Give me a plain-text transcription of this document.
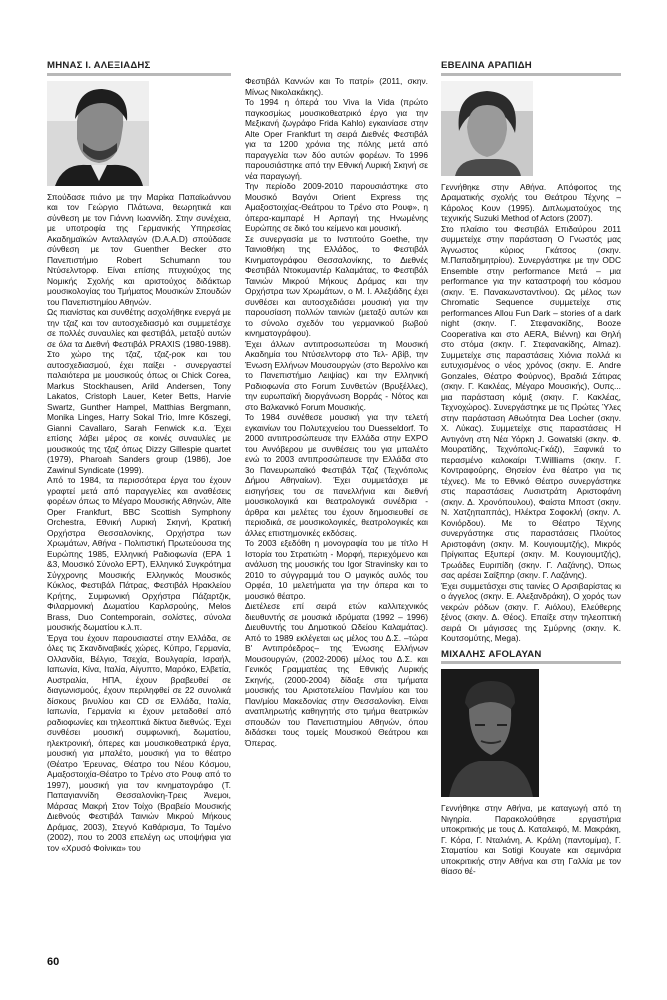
ΜΗΝΑΣ Ι. ΑΛΕΞΙΑΔΗΣ

Σπούδασε πιάνο με την Μαρίκα Παπαϊωάννου και τον Γεώργιο Πλάτωνα, θεωρητικά και σύνθεση με τον Γιάννη Ιωαννίδη. Στην συνέχεια, με υποτροφία της Γερμανικής Υπηρεσίας Ακαδημαϊκών Ανταλλαγών (D.A.A.D) σπούδασε σύνθεση με τον Guenther Becker στο Πανεπιστήμιο Robert Schumann του Ντύσελντορφ. Είναι επίσης πτυχιούχος της Νομικής Σχολής και αριστούχος διδάκτωρ μουσικολογίας του Τμήματος Μουσικών Σπουδών του Πανεπιστημίου Αθηνών.

Ως πιανίστας και συνθέτης ασχολήθηκε ενεργά με την τζαζ και τον αυτοσχεδιασμό και συμμετέσχε σε πολλές συναυλίες και φεστιβάλ, μεταξύ αυτών σε όλα τα Διεθνή Φεστιβάλ PRAXIS (1980-1988). Στο χώρο της τζαζ, τζαζ-ροκ και του αυτοσχεδιασμού, έχει παίξει - συνεργαστεί παλαιότερα με μουσικούς όπως οι Chick Corea, Markus Stockhausen, Arild Andersen, Tony Lakatos, Cristoph Lauer, Keter Betts, Harvie Swartz, Gunther Hampel, Matthias Bergmann, Monika Linges, Harry Sokal Trio, Imre Kőszegi, Gianni Cavallaro, Sarah Fenwick κ.α. Έχει επίσης λάβει μέρος σε κοινές συναυλίες με μουσικούς της τζαζ όπως Dizzy Gillespie quartet (1979), Pharoah Sanders group (1986), Joe Zawinul Syndicate (1999).

Από το 1984, τα περισσότερα έργα του έχουν γραφτεί μετά από παραγγελίες και αναθέσεις φορέων όπως το Μέγαρο Μουσικής Αθηνών, Alte Oper Frankfurt, BBC Scottish Symphony Orchestra, Εθνική Λυρική Σκηνή, Κρατική Ορχήστρα Θεσσαλονίκης, Ορχήστρα των Χρωμάτων, Αθήνα - Πολιτιστική Πρωτεύουσα της Ευρώπης 1985, Ελληνική Ραδιοφωνία (ΕΡΑ 1 &3, Μουσικό Σύνολο ΕΡΤ), Ελληνικό Συγκρότημα Σύγχρονης Μουσικής Ελληνικός Μουσικός Κύκλος, Φεστιβάλ Πάτρας, Φεστιβάλ Ηρακλείου Κρήτης, Συμφωνική Ορχήστρα Πάζαρτζικ, Φιλαρμονική Δωματίου Καρλσρούης, Melos Brass, Duo Contemporain, σολίστες, σύνολα μουσικής δωματίου κ.λ.π.

Έργα του έχουν παρουσιαστεί στην Ελλάδα, σε όλες τις Σκανδιναβικές χώρες, Κύπρο, Γερμανία, Ολλανδία, Βέλγιο, Τσεχία, Βουλγαρία, Ισραήλ, Ιαπωνία, Κίνα, Ιταλία, Αίγυπτο, Μαρόκο, Ελβετία, Αυστραλία, ΗΠΑ, έχουν βραβευθεί σε διαγωνισμούς, έχουν περιληφθεί σε 22 συνολικά δίσκους βινυλίου και CD σε Ελλάδα, Ιταλία, Ιαπωνία, Γερμανία κι έχουν μεταδοθεί από ραδιοφωνίες και τηλεοπτικά δίκτυα διεθνώς. Έχει συνθέσει μουσική συμφωνική, δωματίου, ηλεκτρονική, όπερες και μουσικοθεατρικά έργα, μουσική για μπαλέτο, μουσική για το θέατρο (Θέατρο Έρευνας, Θέατρο του Νέου Κόσμου, Αμαξοστοιχία-Θέατρο το Τρένο στο Ρουφ από το 1997), μουσική για τον κινηματογράφο (Τ. Παπαγιαννίδη Θεσσαλονίκη-Τρεις Άνεμοι, Μάρσας Μακρή Στον Τοίχο (Βραβείο Μουσικής Διεθνούς Φεστιβάλ Ταινιών Μικρού Μήκους Δράμας, 2003), Στεγνό Καθάρισμα, Το Ταμένο (2002), που το 2003 επελέγη ως υποψήφια για τον «Χρυσό Φοίνικα» του

Φεστιβάλ Καννών και Το πατρί» (2011, σκην. Μίνως Νικολακάκης).

Το 1994 η όπερά του Viva la Vida (πρώτο παγκοσμίως μουσικοθεατρικό έργο για την Μεξικανή ζωγράφο Frida Kahlo) εγκαινίασε στην Alte Oper Frankfurt τη σειρά Διεθνές Φεστιβάλ για τα 1200 χρόνια της πόλης μετά από παραγγελία των δύο αυτών φορέων. Το 1996 παρουσιάστηκε από την Εθνική Λυρική Σκηνή σε νέα παραγωγή.

Την περίοδο 2009-2010 παρουσιάστηκε στο Μουσικό Βαγόνι Orient Express της Αμαξοστοιχίας-Θεάτρου το Τρένο στο Ρουφ», η όπερα-καμπαρέ Η Αρπαγή της Ηνωμένης Ευρώπης σε δικό του κείμενο και μουσική.

Σε συνεργασία με το Ινστιτούτο Goethe, την Ταινιοθήκη της Ελλάδος, το Φεστιβάλ Κινηματογράφου Θεσσαλονίκης, το Διεθνές Φεστιβάλ Ντοκυμαντέρ Καλαμάτας, το Φεστιβάλ Ταινιών Μικρού Μήκους Δράμας και την Ορχήστρα των Χρωμάτων, ο Μ. Ι. Αλεξιάδης έχει συνθέσει και αυτοσχεδιάσει μουσική για την παρουσίαση πολλών ταινιών (μεταξύ αυτών και το σύνολο σχεδόν του γερμανικού βωβού κινηματογράφου).

Έχει άλλων αντιπροσωπεύσει τη Μουσική Ακαδημία του Ντύσελντορφ στο Τελ- Αβίβ, την Ένωση Ελλήνων Μουσουργών (στο Βερολίνο και το Πανεπιστήμιο Λειψίας) και την Ελληνική Ραδιοφωνία στο Forum Συνθετών (Βρυξέλλες), την ευρωπαϊκή διοργάνωση Βορράς - Νότος και στο Βαλκανικό Forum Μουσικής.

Το 1984 συνέθεσε μουσική για την τελετή εγκαινίων του Πολυτεχνείου του Duesseldorf. Το 2000 αντιπροσώπευσε την Ελλάδα στην EXPO του Αννόβερου με συνθέσεις του για μπαλέτο ενώ το 2003 αντιπροσώπευσε την Ελλάδα στο 3ο Πανευρωπαϊκό Φεστιβάλ Τζαζ (Τεχνόπολις Δήμου Αθηναίων). Έχει συμμετάσχει με εισηγήσεις του σε πανελλήνια και διεθνή μουσικολογικά και θεατρολογικά συνέδρια - άρθρα και μελέτες του έχουν δημοσιευθεί σε περιοδικά, σε μουσικολογικές, θεατρολογικές και άλλες επιστημονικές εκδόσεις.

Το 2003 εξεδόθη η μονογραφία του με τίτλο Η Ιστορία του Στρατιώτη - Μορφή, περιεχόμενο και ανάλυση της μουσικής του Igor Stravinsky και το 2010 το σύγγραμμά του Ο μαγικός αυλός του Ορφέα, 10 μελετήματα για την όπερα και το μουσικό θέατρο.

Διετέλεσε επί σειρά ετών καλλιτεχνικός διευθυντής σε μουσικά ιδρύματα (1992 – 1996) Διευθυντής του Δημοτικού Ωδείου Καλαμάτας). Από το 1989 εκλέγεται ως μέλος του Δ.Σ. –τώρα Β' Αντιπρόεδρος– της Ένωσης Ελλήνων Μουσουργών, (2002-2006) μέλος του Δ.Σ. και Γενικός Γραμματέας της Εθνικής Λυρικής Σκηνής, (2000-2004) δίδαξε στα τμήματα μουσικής του Αριστοτελείου Παν/μίου και του Παν/μίου Μακεδονίας στην Θεσσαλονίκη. Είναι αναπληρωτής καθηγητής στο τμήμα θεατρικών σπουδών του Πανεπιστημίου Αθηνών, όπου διδάσκει τους τομείς Μουσικού Θεάτρου και Όπερας.

ΕΒΕΛΙΝΑ ΑΡΑΠΙΔΗ

Γεννήθηκε στην Αθήνα. Απόφοιτος της Δραματικής σχολής του Θεάτρου Τέχνης – Κάρολος Κουν (1995). Διπλωματούχος της τεχνικής Suzuki Method of Actors (2007).

Στο πλαίσιο του Φεστιβάλ Επιδαύρου 2011 συμμετείχε στην παράσταση Ο Γνωστός μας Άγνωστος κύριος Γκάτσος (σκην. Μ.Παπαδημητρίου). Συνεργάστηκε με την ODC Ensemble στην performance Μετά – μια performance για την καταστροφή του κόσμου (σκην. Έ. Πανακωνσταντίνου). Ως μέλος των Chromatic Sequence συμμετείχε στις performances Allou Fun Dark – stories of a dark night (σκην. Γ. Στεφανακίδης, Booze Cooperativa και στο AERA, Βιέννη) και Θηλή στο στόμα (σκην. Γ. Στεφανακίδης, Almaz). Συμμετείχε στις παραστάσεις Χιόνια πολλά κι ευτυχισμένος ο νέος χρόνος (σκην. Ε. Andre Gonzales, Θέατρο Φούρνος), Βραδιά Σάτιρας (σκην. Γ. Κακλέας, Μέγαρο Μουσικής), Ουπς... μια παράσταση κόμιξ (σκην. Γ. Κακλέας, Τεχνοχώρος). Συνεργάστηκε με τις Πρώτες Ύλες στην παράσταση Αθωότητα Dea Locher (σκην. Χ. Λύκας). Συμμετείχε στις παραστάσεις Η Αντιγόνη στη Νέα Υόρκη J. Gowatski (σκην. Φ. Μουρατίδης, Τεχνόπολις-Γκάζι), Ξαφνικά το περασμένο καλοκαίρι T.Willliams (σκην. Γ. Κοντραφούρης, Θησείον ένα θέατρο για τις τέχνες). Με το Εθνικό Θέατρο συνεργάστηκε στις παραστάσεις Λυσιστράτη Αριστοφάνη (σκην. Δ. Χρονόπουλου), Φαίστα Μποστ (σκην. Ν. Χατζηπαππάς), Ηλέκτρα Σοφοκλή (σκην. Λ. Κονιόρδου). Με το Θέατρο Τέχνης συνεργάστηκε στις παραστάσεις Πλούτος Αριστοφάνη (σκην. Μ. Κουγιουμτζής), Μικρός Πρίγκιπας Εξυπερί (σκην. Μ. Κουγιουμτζής), Τρωάδες Ευριπίδη (σκην. Γ. Λαζάνης), Όπως σας αρέσει Σαίξπηρ (σκην. Γ. Λαζάνης).

Έχει συμμετάσχει στις ταινίες Ο Αρσιβαρίστας κι ο άγγελος (σκην. Ε. Αλεξανδράκη), Ο χορός των νεκρών ρόδων (σκην. Γ. Αιόλου), Ελεύθερης ξένος (σκην. Δ. Θέος). Επαίξε στην τηλεοπτική σειρά Οι μάγισσες της Σμύρνης (σκην. Κ. Κουτσομύτης, Mega).

ΜΙΧΑΛΗΣ AFOLAYAN

Γεννήθηκε στην Αθήνα, με καταγωγή από τη Νιγηρία. Παρακολούθησε εργαστήρια υποκριτικής με τους Δ. Καταλειφό, Μ. Μακράκη, Γ. Κόρα, Γ. Νταλιάνη, Α. Κράλη (παντομίμα), Γ. Σταματίου και Sotigi Kouyate και σεμινάρια υποκριτικής στην Αθήνα και στη Γαλλία με τον θίασο θέ-

60
